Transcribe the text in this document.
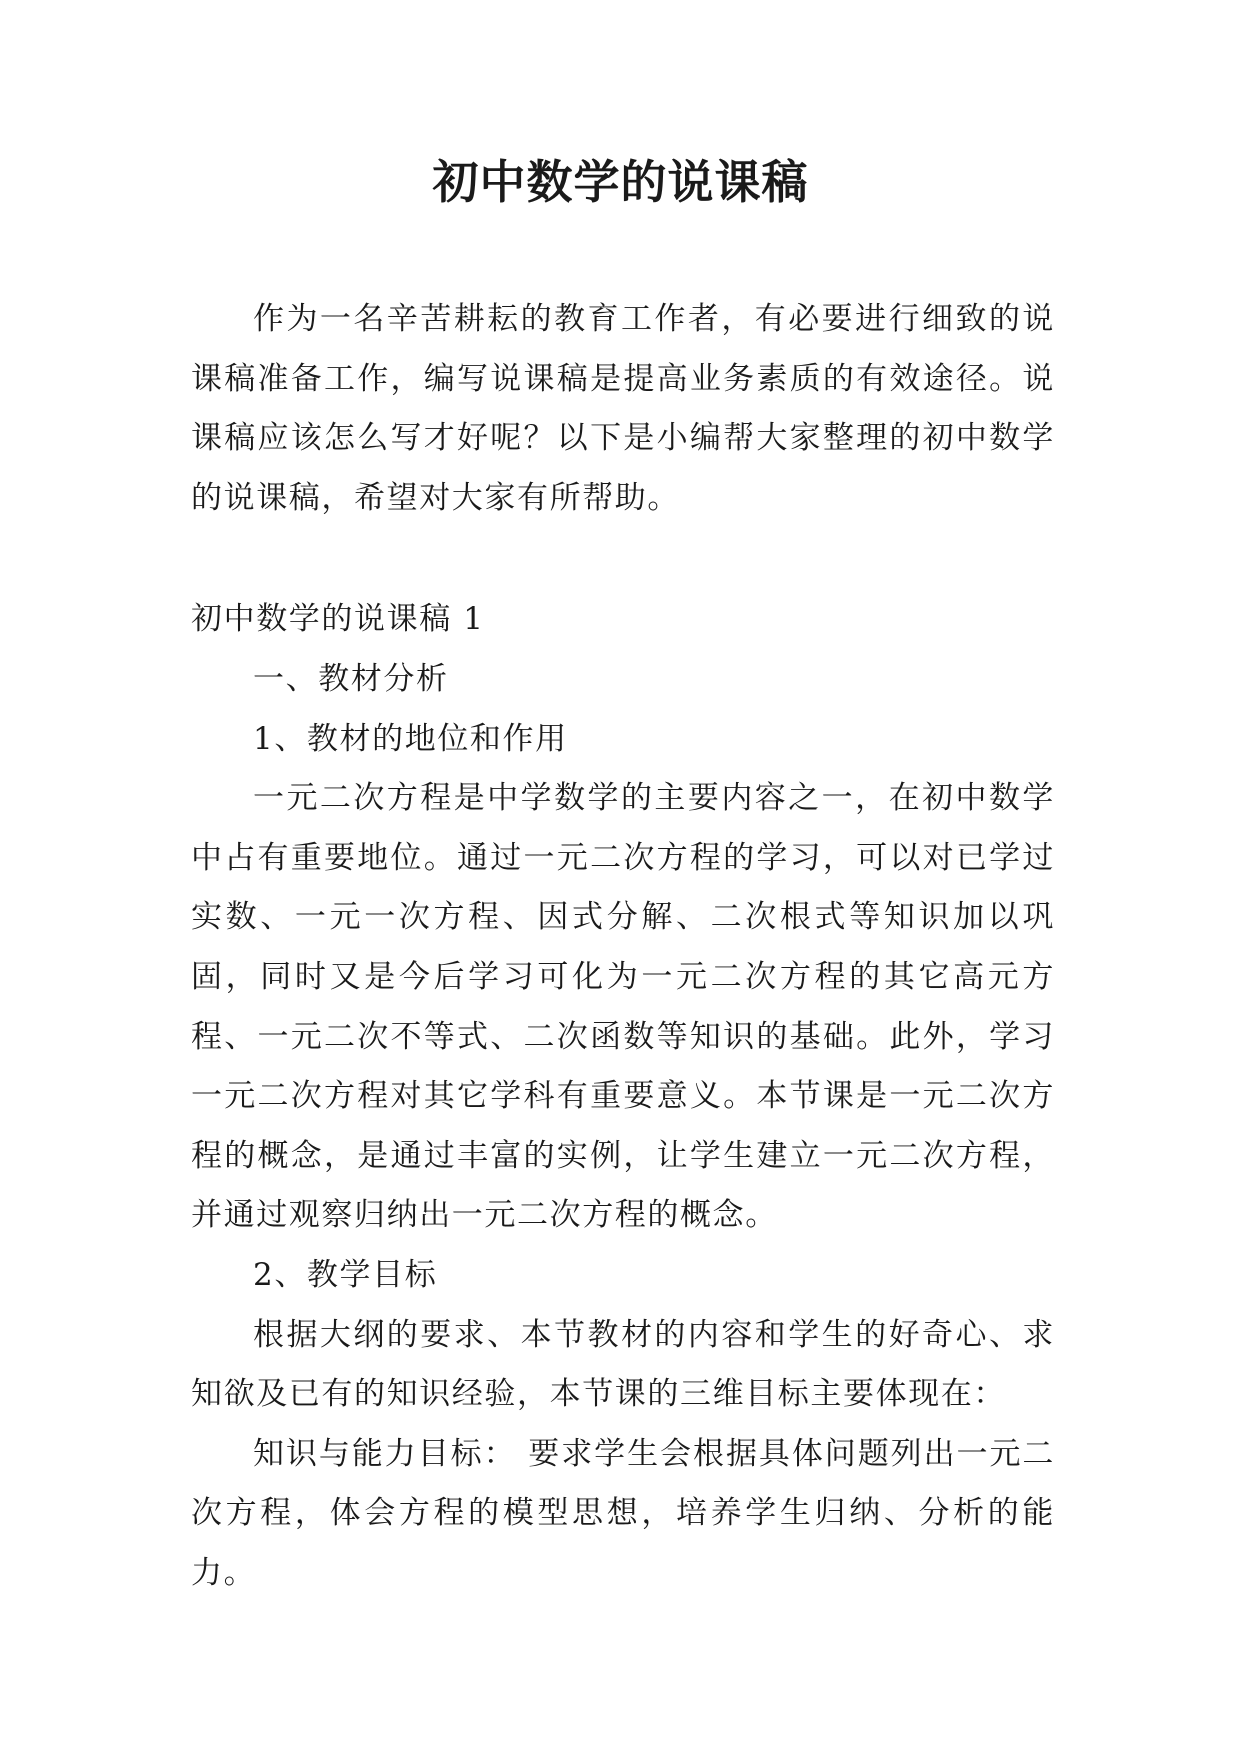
初中数学的说课稿

作为一名辛苦耕耘的教育工作者，有必要进行细致的说课稿准备工作，编写说课稿是提高业务素质的有效途径。说课稿应该怎么写才好呢？以下是小编帮大家整理的初中数学的说课稿，希望对大家有所帮助。

初中数学的说课稿 1

一、教材分析

1、教材的地位和作用

一元二次方程是中学数学的主要内容之一，在初中数学中占有重要地位。通过一元二次方程的学习，可以对已学过实数、一元一次方程、因式分解、二次根式等知识加以巩固，同时又是今后学习可化为一元二次方程的其它高元方程、一元二次不等式、二次函数等知识的基础。此外，学习一元二次方程对其它学科有重要意义。本节课是一元二次方程的概念，是通过丰富的实例，让学生建立一元二次方程，并通过观察归纳出一元二次方程的概念。

2、教学目标

根据大纲的要求、本节教材的内容和学生的好奇心、求知欲及已有的知识经验，本节课的三维目标主要体现在：

知识与能力目标： 要求学生会根据具体问题列出一元二次方程，体会方程的模型思想，培养学生归纳、分析的能力。
